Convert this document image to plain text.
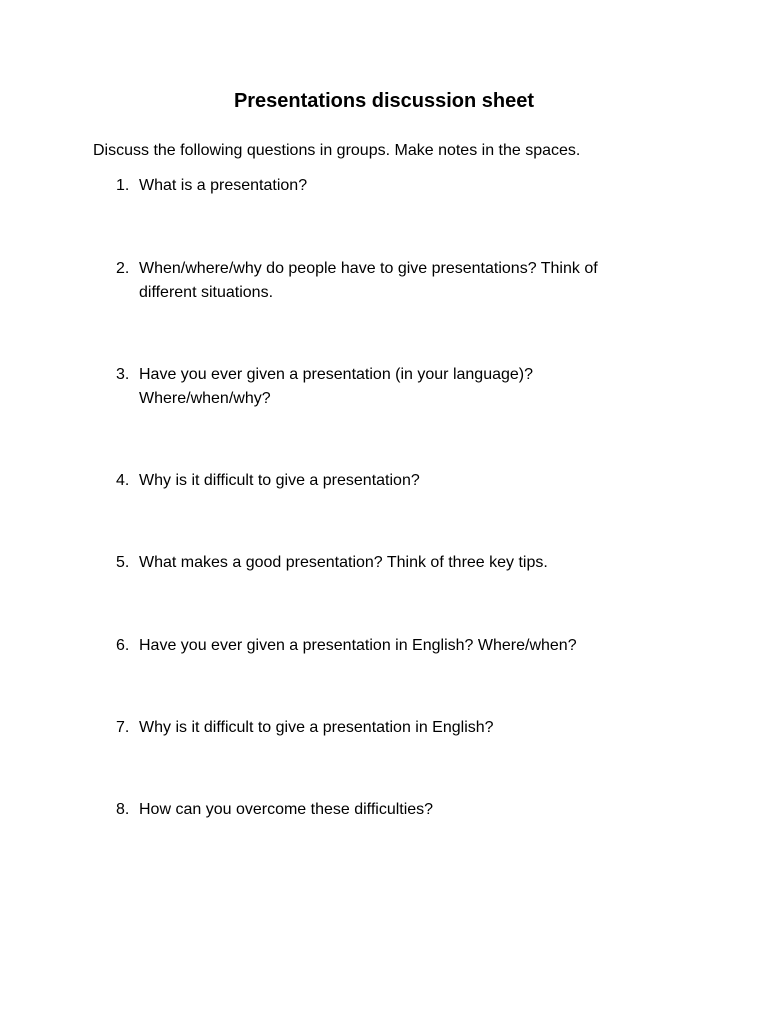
Presentations discussion sheet

Discuss the following questions in groups. Make notes in the spaces.

1. What is a presentation?
2. When/where/why do people have to give presentations? Think of different situations.
3. Have you ever given a presentation (in your language)? Where/when/why?
4. Why is it difficult to give a presentation?
5. What makes a good presentation? Think of three key tips.
6. Have you ever given a presentation in English? Where/when?
7. Why is it difficult to give a presentation in English?
8. How can you overcome these difficulties?
